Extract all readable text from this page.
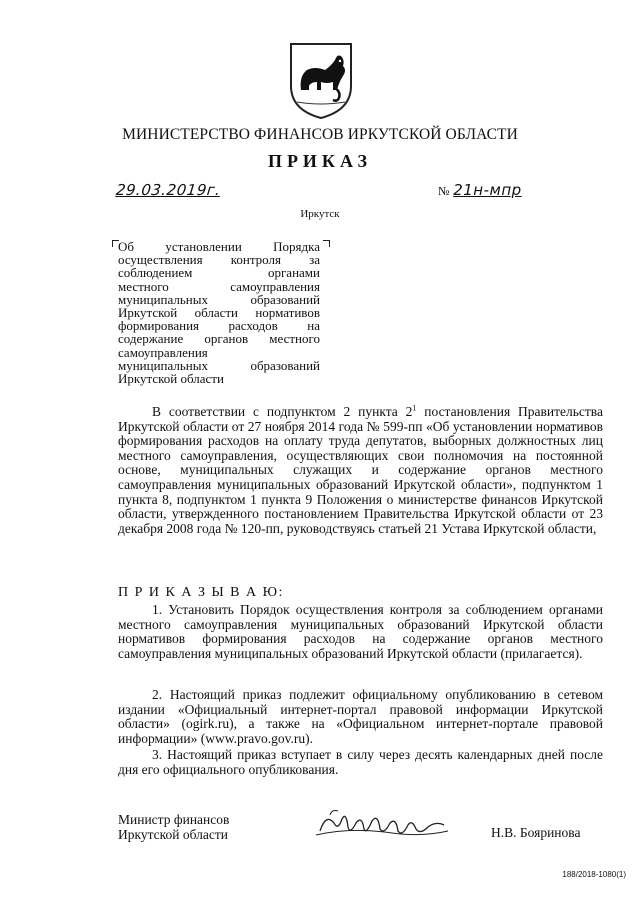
МИНИСТЕРСТВО ФИНАНСОВ ИРКУТСКОЙ ОБЛАСТИ
ПРИКАЗ
29.03.2019г.	№ 21н-мпр
Иркутск
Об установлении Порядка
осуществления контроля за
соблюдением органами
местного самоуправления
муниципальных образований
Иркутской области нормативов
формирования расходов на
содержание органов местного
самоуправления
муниципальных образований
Иркутской области
В соответствии с подпунктом 2 пункта $2^1$ постановления Правительства Иркутской области от 27 ноября 2014 года № 599-пп «Об установлении нормативов формирования расходов на оплату труда депутатов, выборных должностных лиц местного самоуправления, осуществляющих свои полномочия на постоянной основе, муниципальных служащих и содержание органов местного самоуправления муниципальных образований Иркутской области», подпунктом 1 пункта 8, подпунктом 1 пункта 9 Положения о министерстве финансов Иркутской области, утвержденного постановлением Правительства Иркутской области от 23 декабря 2008 года № 120-пп, руководствуясь статьей 21 Устава Иркутской области,
П Р И К А З Ы В А Ю:
1. Установить Порядок осуществления контроля за соблюдением органами местного самоуправления муниципальных образований Иркутской области нормативов формирования расходов на содержание органов местного самоуправления муниципальных образований Иркутской области (прилагается).
2. Настоящий приказ подлежит официальному опубликованию в сетевом издании «Официальный интернет-портал правовой информации Иркутской области» (ogirk.ru), а также на «Официальном интернет-портале правовой информации» (www.pravo.gov.ru).
3. Настоящий приказ вступает в силу через десять календарных дней после дня его официального опубликования.
Министр финансов
Иркутской области	Н.В. Бояринова
188/2018-1080(1)
